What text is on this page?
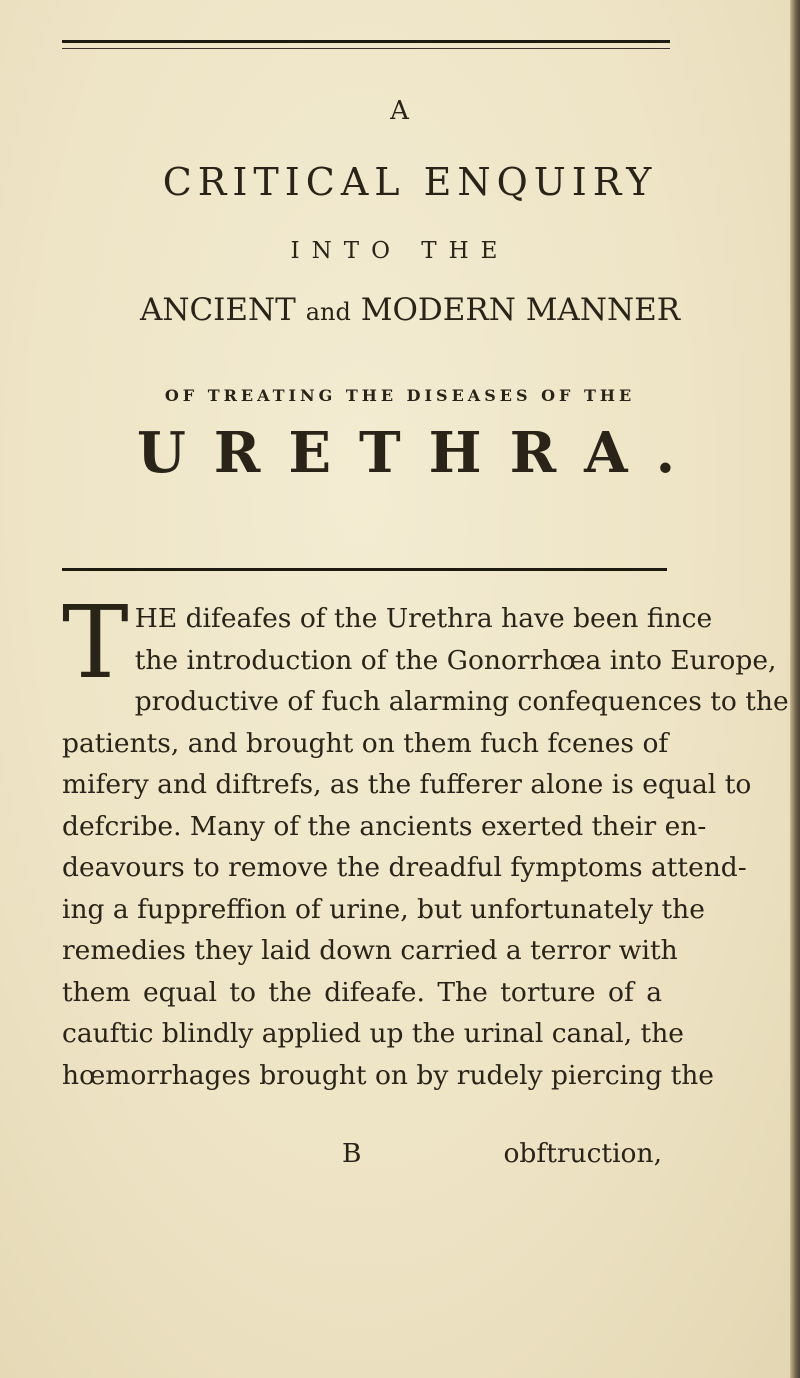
A
CRITICAL ENQUIRY
INTO THE
ANCIENT and MODERN MANNER
OF TREATING THE DISEASES OF THE
URETHRA.
T HE difeafes of the Urethra have been fince
the introduction of the Gonorrhœa into Europe,
productive of fuch alarming confequences to the
patients, and brought on them fuch fcenes of
mifery and diftrefs, as the fufferer alone is equal to
defcribe. Many of the ancients exerted their en-
deavours to remove the dreadful fymptoms attend-
ing a fuppreffion of urine, but unfortunately the
remedies they laid down carried a terror with
them equal to the difeafe. The torture of a
cauftic blindly applied up the urinal canal, the
hœmorrhages brought on by rudely piercing the
B	obftruction,
